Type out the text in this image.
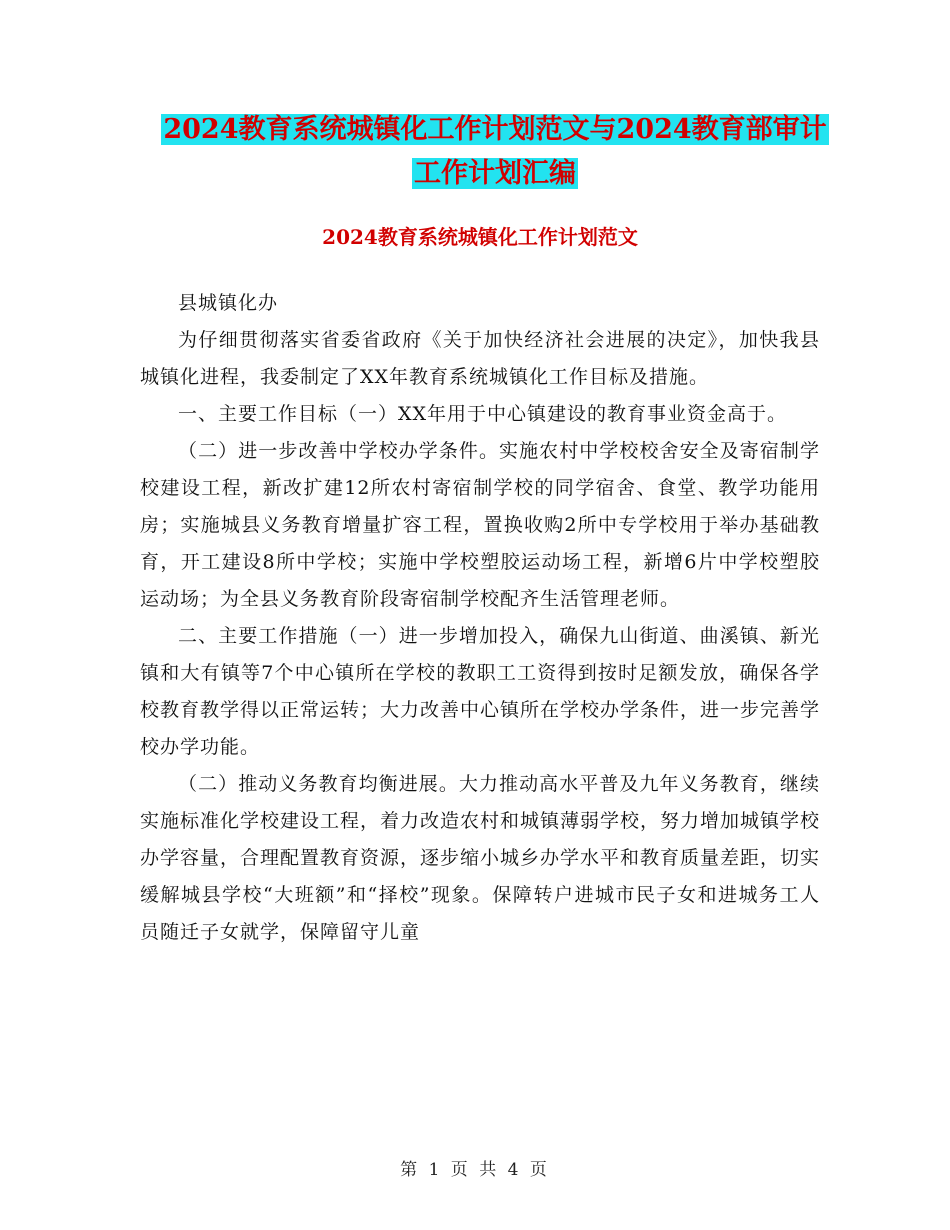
2024教育系统城镇化工作计划范文与2024教育部审计
工作计划汇编
2024教育系统城镇化工作计划范文

县城镇化办

为仔细贯彻落实省委省政府《关于加快经济社会进展的决定》，加快我县城镇化进程，我委制定了XX年教育系统城镇化工作目标及措施。

一、主要工作目标（一）XX年用于中心镇建设的教育事业资金高于。

（二）进一步改善中学校办学条件。实施农村中学校校舍安全及寄宿制学校建设工程，新改扩建12所农村寄宿制学校的同学宿舍、食堂、教学功能用房；实施城县义务教育增量扩容工程，置换收购2所中专学校用于举办基础教育，开工建设8所中学校；实施中学校塑胶运动场工程，新增6片中学校塑胶运动场；为全县义务教育阶段寄宿制学校配齐生活管理老师。

二、主要工作措施（一）进一步增加投入，确保九山街道、曲溪镇、新光镇和大有镇等7个中心镇所在学校的教职工工资得到按时足额发放，确保各学校教育教学得以正常运转；大力改善中心镇所在学校办学条件，进一步完善学校办学功能。

（二）推动义务教育均衡进展。大力推动高水平普及九年义务教育，继续实施标准化学校建设工程，着力改造农村和城镇薄弱学校，努力增加城镇学校办学容量，合理配置教育资源，逐步缩小城乡办学水平和教育质量差距，切实缓解城县学校“大班额”和“择校”现象。保障转户进城市民子女和进城务工人员随迁子女就学，保障留守儿童

第 1 页 共 4 页
